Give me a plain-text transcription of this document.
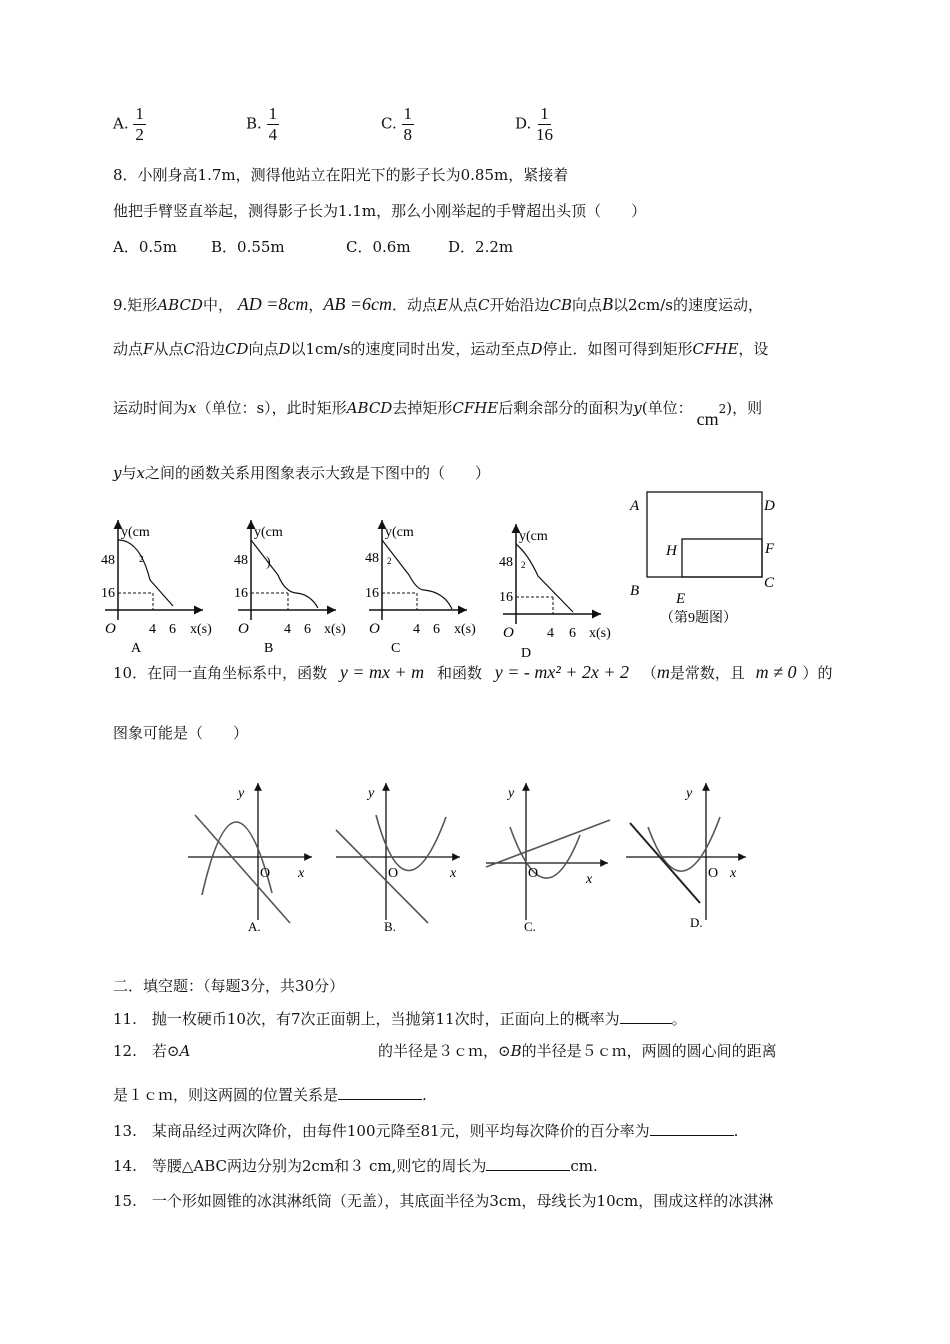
A. $\frac{1}{2}$	B. $\frac{1}{4}$	C. $\frac{1}{8}$	D. $\frac{1}{16}$
8．小刚身高1.7m，测得他站立在阳光下的影子长为0.85m，紧接着
他把手臂竖直举起，测得影子长为1.1m，那么小刚举起的手臂超出头顶（　　）
A．0.5m B．0.55m	C．0.6m D．2.2m
9.矩形ABCD中， AD =8cm，AB =6cm．动点E从点C开始沿边CB向点B以2cm/s的速度运动，
动点F从点C沿边CD向点D以1cm/s的速度同时出发，运动至点D停止．如图可得到矩形CFHE，设
运动时间为x（单位：s），此时矩形ABCD去掉矩形CFHE后剩余部分的面积为y(单位：$cm^2$)，则
y与x之间的函数关系用图象表示大致是下图中的（　　）
y(cm
2
48
16
O 4 6 x(s)
A
y(cm
)
48
16
O	4 6 x(s)
B
y(cm
2
48
16
O 4 6 x(s)
C
y(cm
2
48
16
O 4 6 x(s)
D
A	D
H	F
B E
C
（第9题图）
10．在同一直角坐标系中，函数 y = mx + m 和函数 y = - mx² + 2x + 2 （m是常数，且 m ≠ 0 ）的
图象可能是（　　）
y
x
O
A.
y
x
O
B.
y
x
O
C.
y
x
O
D.
二．填空题：（每题3分，共30分）
11.　抛一枚硬币10次，有7次正面朝上，当抛第11次时，正面向上的概率为	。
12.　若⊙A	的半径是３ｃｍ，⊙B的半径是５ｃｍ，两圆的圆心间的距离
是１ｃｍ，则这两圆的位置关系是	.
13.　某商品经过两次降价，由每件100元降至81元，则平均每次降价的百分率为	.
14.　等腰△ABC两边分别为2cm和３ cm,则它的周长为	cm.
15.　一个形如圆锥的冰淇淋纸筒（无盖），其底面半径为3cm，母线长为10cm，围成这样的冰淇淋
